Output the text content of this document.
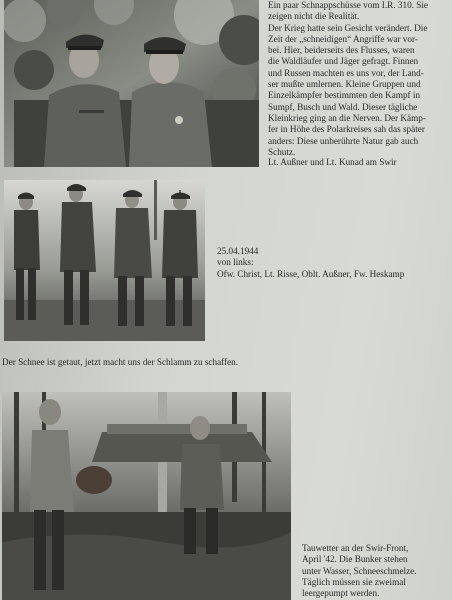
Ein paar Schnappschüsse vom I.R. 310. Sie

zeigen nicht die Realität.

Der Krieg hatte sein Gesicht verändert. Die

Zeit der „schneidigen“ Angriffe war vor-

bei. Hier, beiderseits des Flusses, waren

die Waldläufer und Jäger gefragt. Finnen

und Russen machten es uns vor, der Land-

ser mußte umlernen. Kleine Gruppen und

Einzelkämpfer bestimmten den Kampf in

Sumpf, Busch und Wald. Dieser tägliche

Kleinkrieg ging an die Nerven. Der Kämp-

fer in Höhe des Polarkreises sah das später

anders: Diese unberührte Natur gab auch

Schutz.

Lt. Außner und Lt. Kunad am Swir
25.04.1944
von links:
Ofw. Christ, Lt. Risse, Oblt. Außner, Fw. Heskamp
Der Schnee ist getaut, jetzt macht uns der Schlamm zu schaffen.

Tauwetter an der Swir-Front,

April '42. Die Bunker stehen

unter Wasser, Schneeschmelze.

Täglich müssen sie zweimal

leergepumpt werden.
